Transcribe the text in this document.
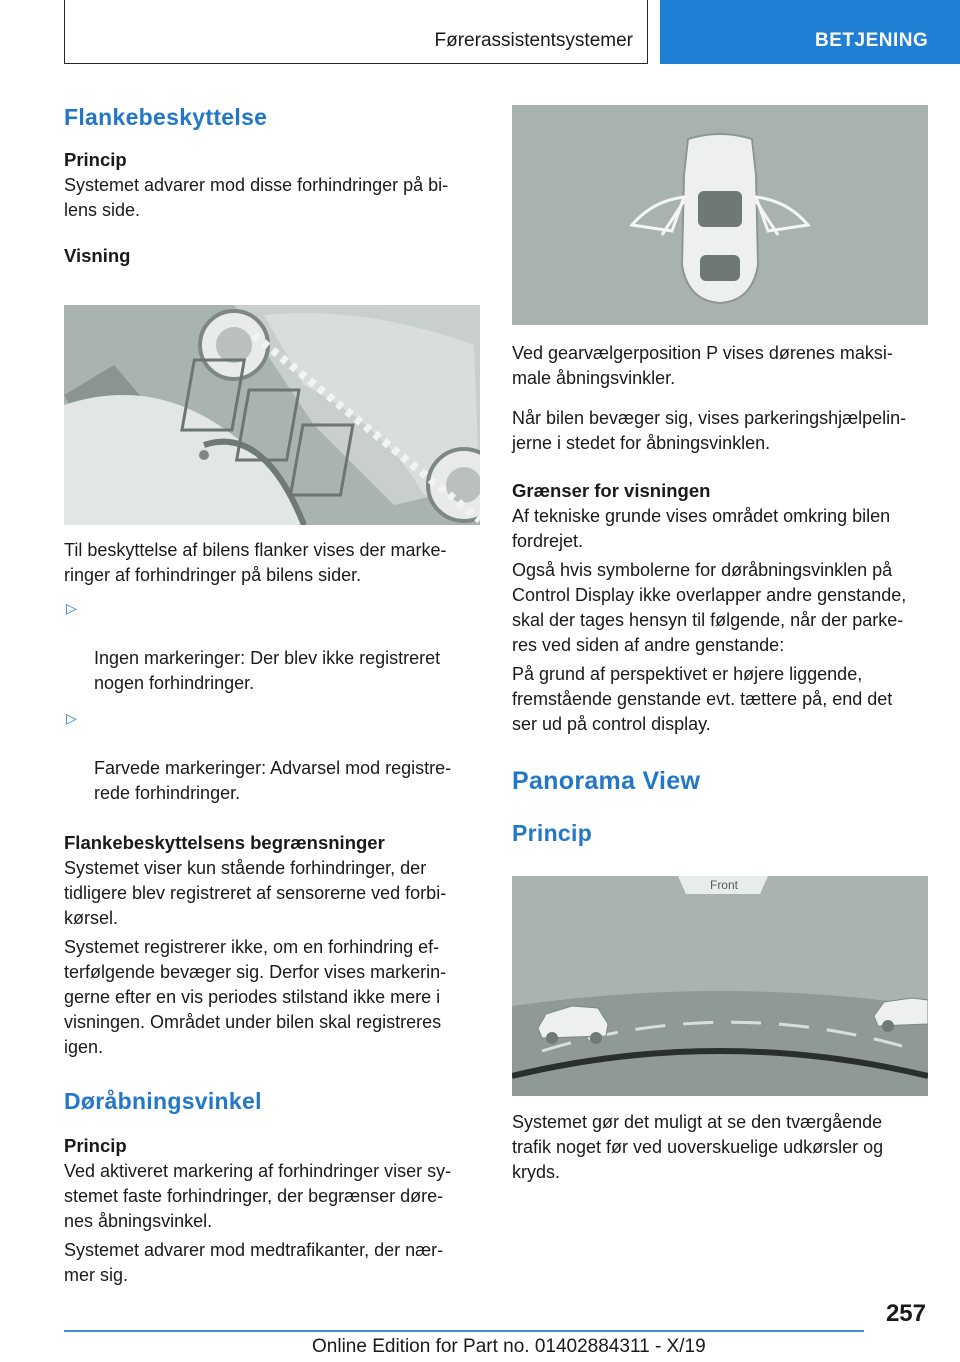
Førerassistentsystemer	BETJENING
Flankebeskyttelse
Princip

Systemet advarer mod disse forhindringer på bi-
lens side.

Visning

Til beskyttelse af bilens flanker vises der marke-
ringer af forhindringer på bilens sider.

▷

Ingen markeringer: Der blev ikke registreret
nogen forhindringer.

▷

Farvede markeringer: Advarsel mod registre-
rede forhindringer.

Flankebeskyttelsens begrænsninger

Systemet viser kun stående forhindringer, der
tidligere blev registreret af sensorerne ved forbi-
kørsel.

Systemet registrerer ikke, om en forhindring ef-
terfølgende bevæger sig. Derfor vises markerin-
gerne efter en vis periodes stilstand ikke mere i
visningen. Området under bilen skal registreres
igen.

Døråbningsvinkel
Princip

Ved aktiveret markering af forhindringer viser sy-
stemet faste forhindringer, der begrænser døre-
nes åbningsvinkel.

Systemet advarer mod medtrafikanter, der nær-
mer sig.

Ved gearvælgerposition P vises dørenes maksi-
male åbningsvinkler.

Når bilen bevæger sig, vises parkeringshjælpelin-
jerne i stedet for åbningsvinklen.

Grænser for visningen

Af tekniske grunde vises området omkring bilen
fordrejet.

Også hvis symbolerne for døråbningsvinklen på
Control Display ikke overlapper andre genstande,
skal der tages hensyn til følgende, når der parke-
res ved siden af andre genstande:

På grund af perspektivet er højere liggende,
fremstående genstande evt. tættere på, end det
ser ud på control display.

Panorama View
Princip
Front

Systemet gør det muligt at se den tværgående
trafik noget før ved uoverskuelige udkørsler og
kryds.

257
Online Edition for Part no. 01402884311 - X/19
